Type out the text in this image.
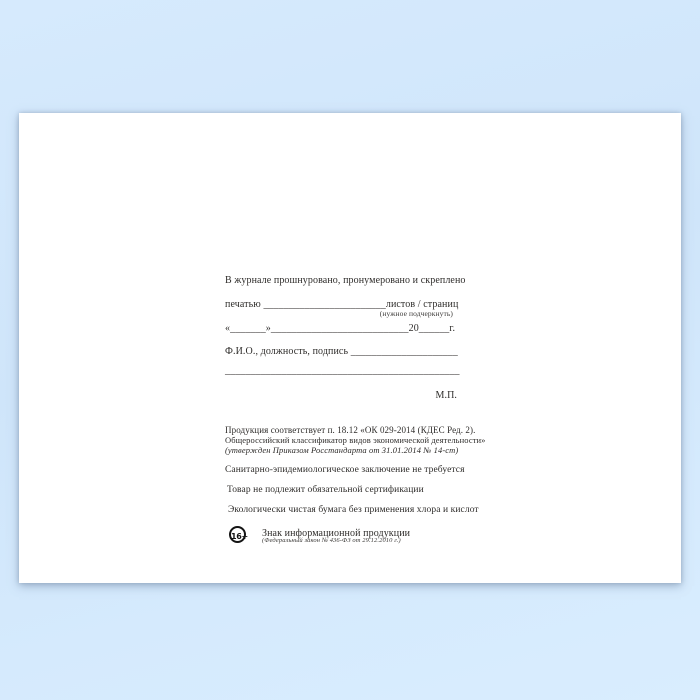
В журнале прошнуровано, пронумеровано и скреплено
печатью ________________________листов / страниц
(нужное подчеркнуть)
«_______»___________________________20______г.
Ф.И.О., должность, подпись _____________________
______________________________________________
М.П.
Продукция соответствует п. 18.12 «ОК 029-2014 (КДЕС Ред. 2).
Общероссийский классификатор видов экономической деятельности»
(утвержден Приказом Росстандарта от 31.01.2014 № 14-ст)
Санитарно-эпидемиологическое заключение не требуется
Товар не подлежит обязательной сертификации
Экологически чистая бумага без применения хлора и кислот
16+ Знак информационной продукции
(Федеральный закон № 436-ФЗ от 29.12.2010 г.)
